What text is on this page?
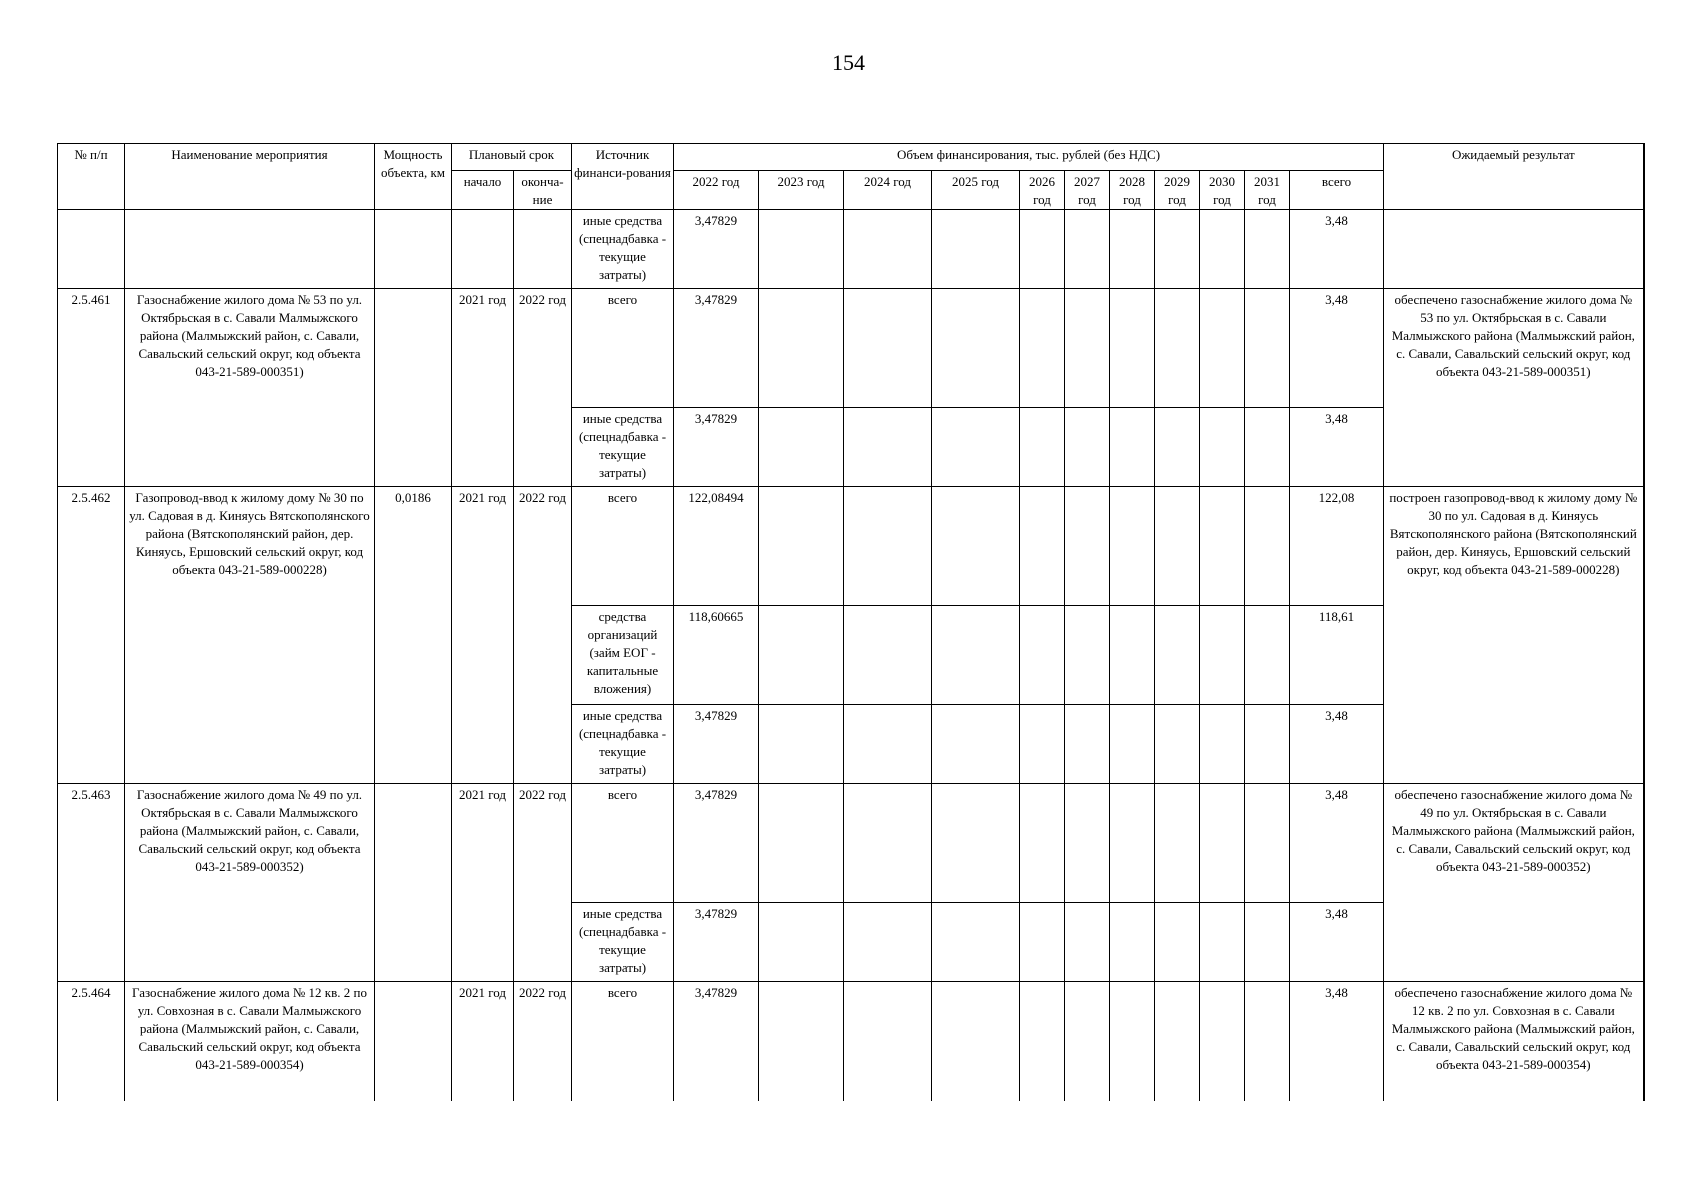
154
№ п/п	Наименование мероприятия	Мощность объекта, км	Плановый срок		Источник финанси-рования	Объем финансирования, тыс. рублей (без НДС)											Ожидаемый результат
			начало	оконча-ние		2022 год	2023 год	2024 год	2025 год	2026 год	2027 год	2028 год	2029 год	2030 год	2031 год	всего	
					иные средства (спецнадбавка - текущие затраты)	3,47829										3,48	
2.5.461	Газоснабжение жилого дома № 53 по ул. Октябрьская в с. Савали Малмыжского района (Малмыжский район, с. Савали, Савальский сельский округ, код объекта 043-21-589-000351)		2021 год	2022 год	всего	3,47829										3,48	обеспечено газоснабжение жилого дома № 53 по ул. Октябрьская в с. Савали Малмыжского района (Малмыжский район, с. Савали, Савальский сельский округ, код объекта 043-21-589-000351)
					иные средства (спецнадбавка - текущие затраты)	3,47829										3,48	
2.5.462	Газопровод-ввод к жилому дому № 30 по ул. Садовая в д. Киняусь Вятскополянского района (Вятскополянский район, дер. Киняусь, Ершовский сельский округ, код объекта 043-21-589-000228)	0,0186	2021 год	2022 год	всего	122,08494										122,08	построен газопровод-ввод к жилому дому № 30 по ул. Садовая в д. Киняусь Вятскополянского района (Вятскополянский район, дер. Киняусь, Ершовский сельский округ, код объекта 043-21-589-000228)
					средства организаций (займ ЕОГ - капитальные вложения)	118,60665										118,61	
					иные средства (спецнадбавка - текущие затраты)	3,47829										3,48	
2.5.463	Газоснабжение жилого дома № 49 по ул. Октябрьская в с. Савали Малмыжского района (Малмыжский район, с. Савали, Савальский сельский округ, код объекта 043-21-589-000352)		2021 год	2022 год	всего	3,47829										3,48	обеспечено газоснабжение жилого дома № 49 по ул. Октябрьская в с. Савали Малмыжского района (Малмыжский район, с. Савали, Савальский сельский округ, код объекта 043-21-589-000352)
					иные средства (спецнадбавка - текущие затраты)	3,47829										3,48	
2.5.464	Газоснабжение жилого дома № 12 кв. 2 по ул. Совхозная в с. Савали Малмыжского района (Малмыжский район, с. Савали, Савальский сельский округ, код объекта 043-21-589-000354)		2021 год	2022 год	всего	3,47829										3,48	обеспечено газоснабжение жилого дома № 12 кв. 2 по ул. Совхозная в с. Савали Малмыжского района (Малмыжский район, с. Савали, Савальский сельский округ, код объекта 043-21-589-000354)
